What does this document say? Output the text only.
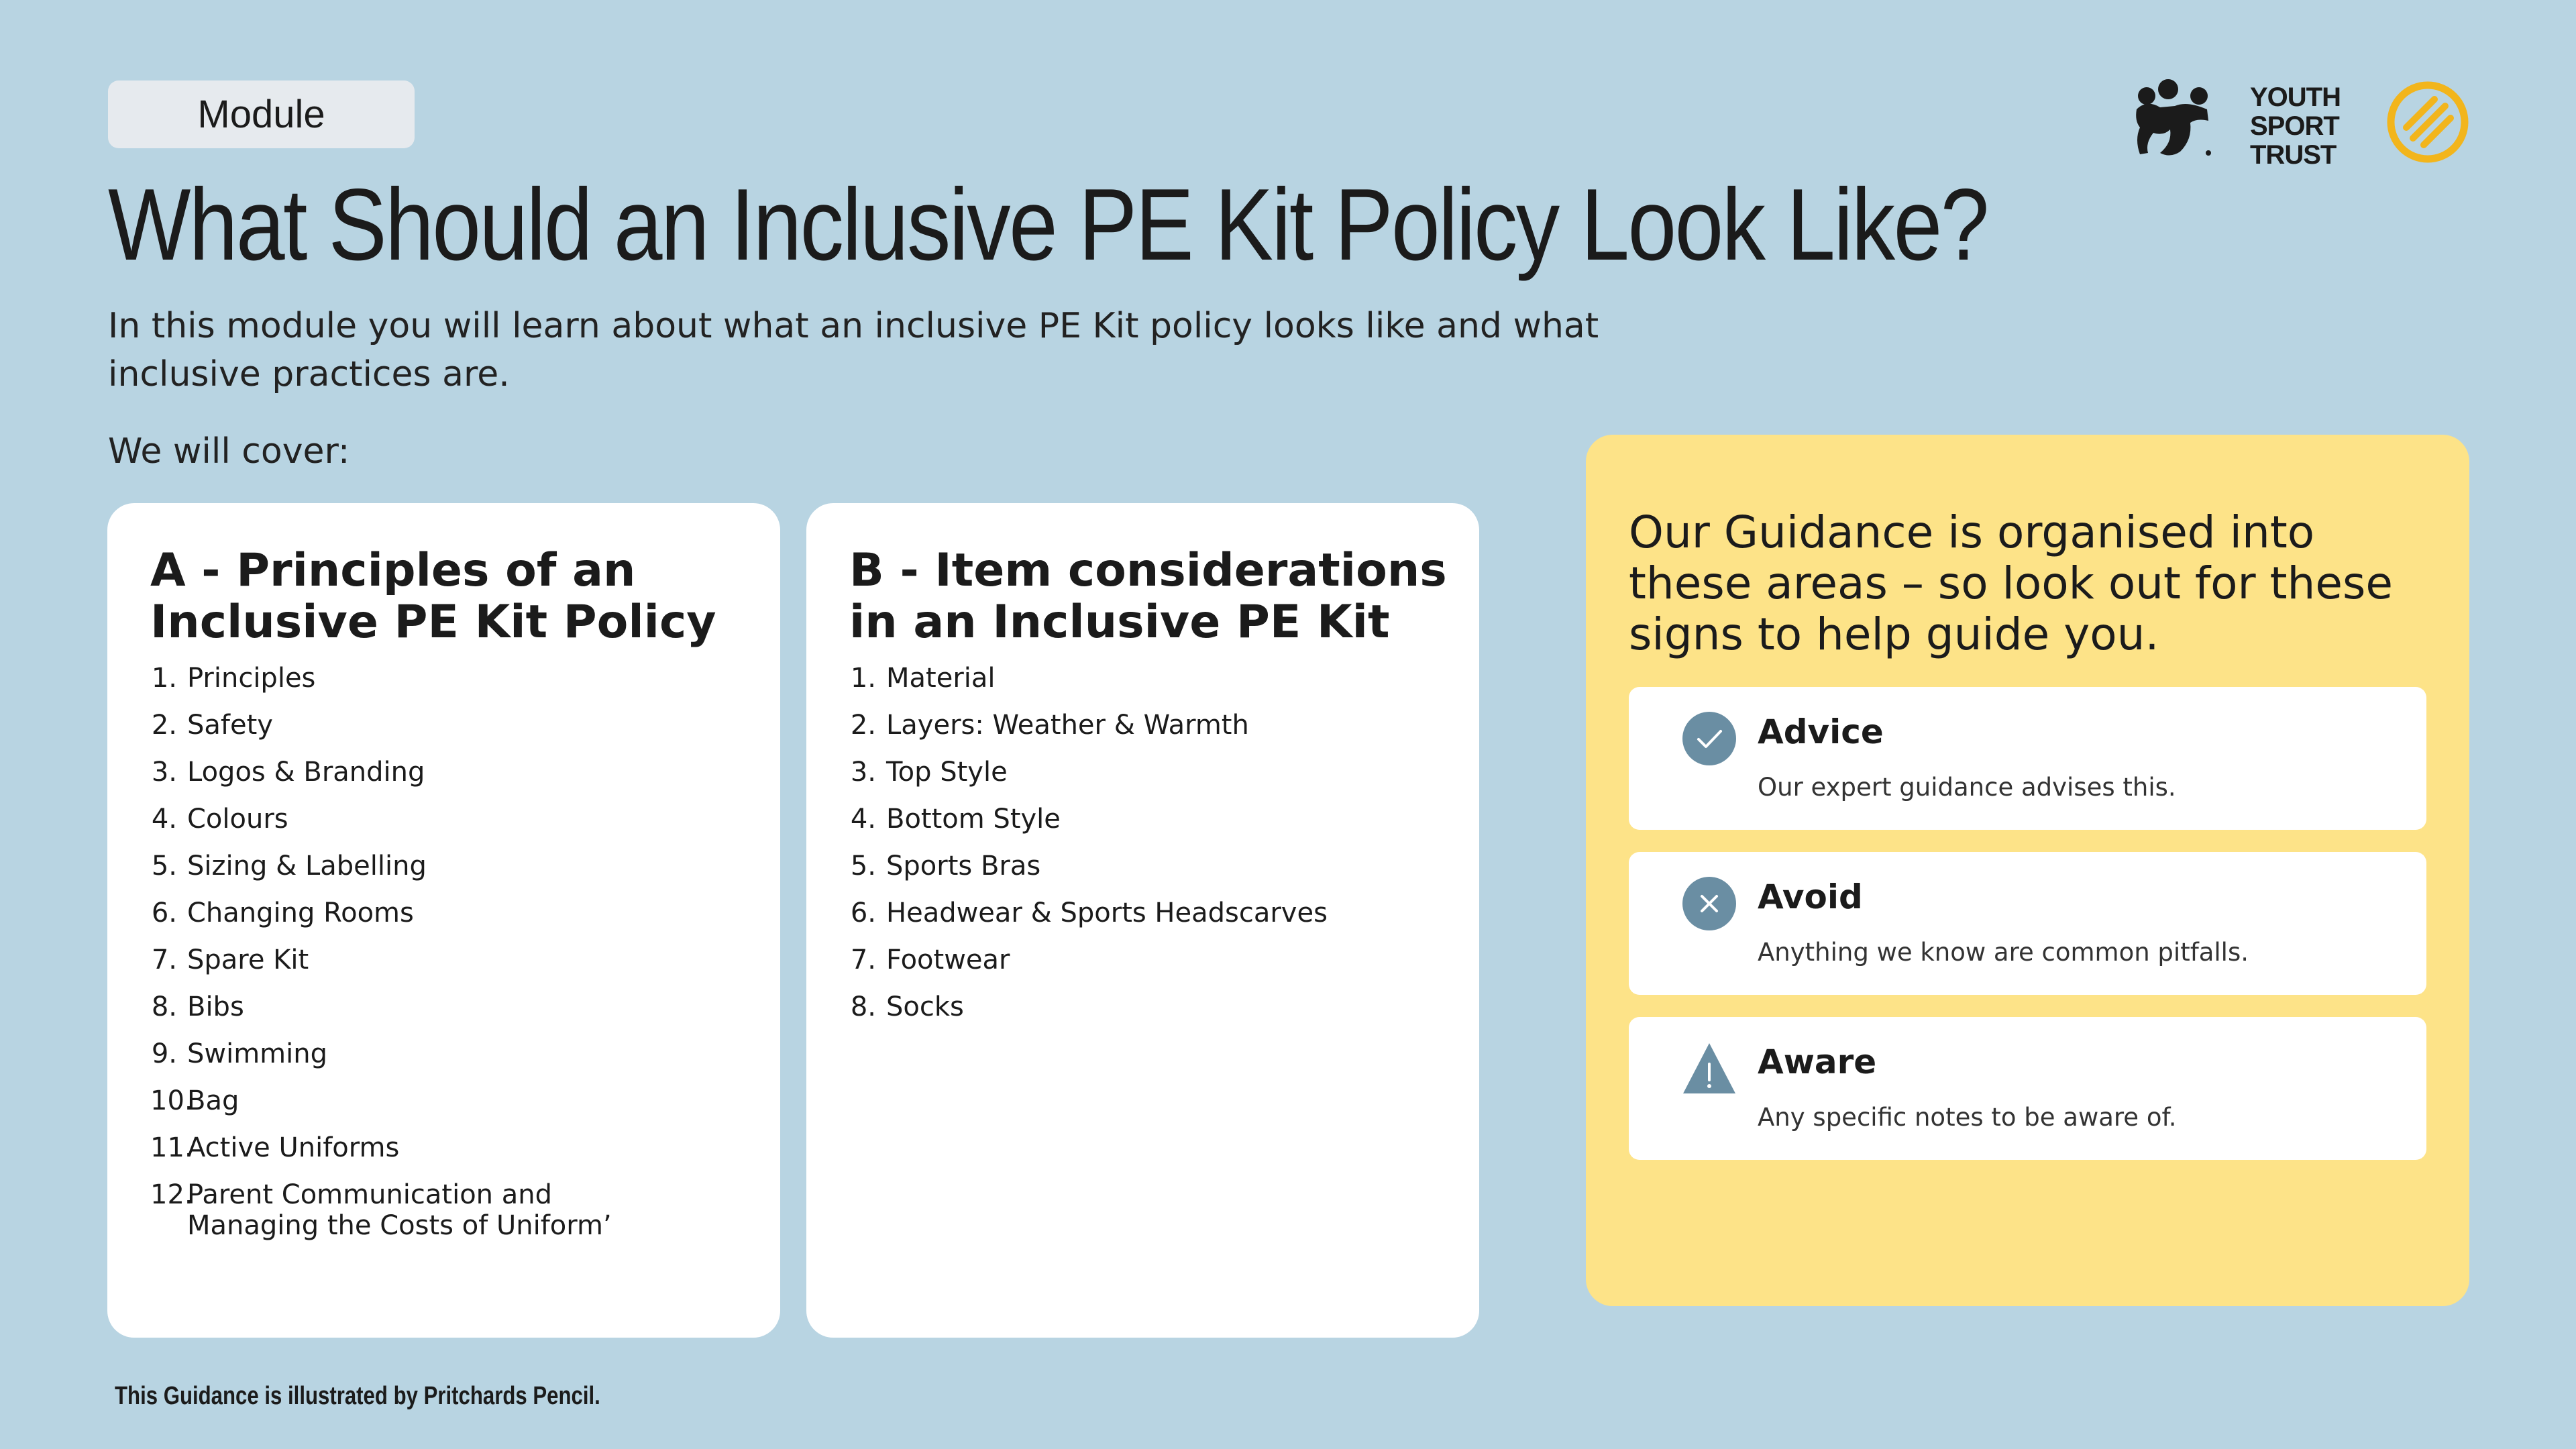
Module
What Should an Inclusive PE Kit Policy Look Like?

In this module you will learn about what an inclusive PE Kit policy looks like and what inclusive practices are.

We will cover:

YOUTH
SPORT
TRUST
A - Principles of an Inclusive PE Kit Policy
1. Principles
2. Safety
3. Logos & Branding
4. Colours
5. Sizing & Labelling
6. Changing Rooms
7. Spare Kit
8. Bibs
9. Swimming
10.
Bag
11.
Active Uniforms
12.
Parent Communication and Managing the Costs of Uniform’
B - Item considerations in an Inclusive PE Kit
1. Material
2. Layers: Weather & Warmth
3. Top Style
4. Bottom Style
5. Sports Bras
6. Headwear & Sports Headscarves
7. Footwear
8. Socks
Our Guidance is organised into these areas – so look out for these signs to help guide you.
Advice
Our expert guidance advises this.
Avoid
Anything we know are common pitfalls.
Aware
Any specific notes to be aware of.
This Guidance is illustrated by Pritchards Pencil.
